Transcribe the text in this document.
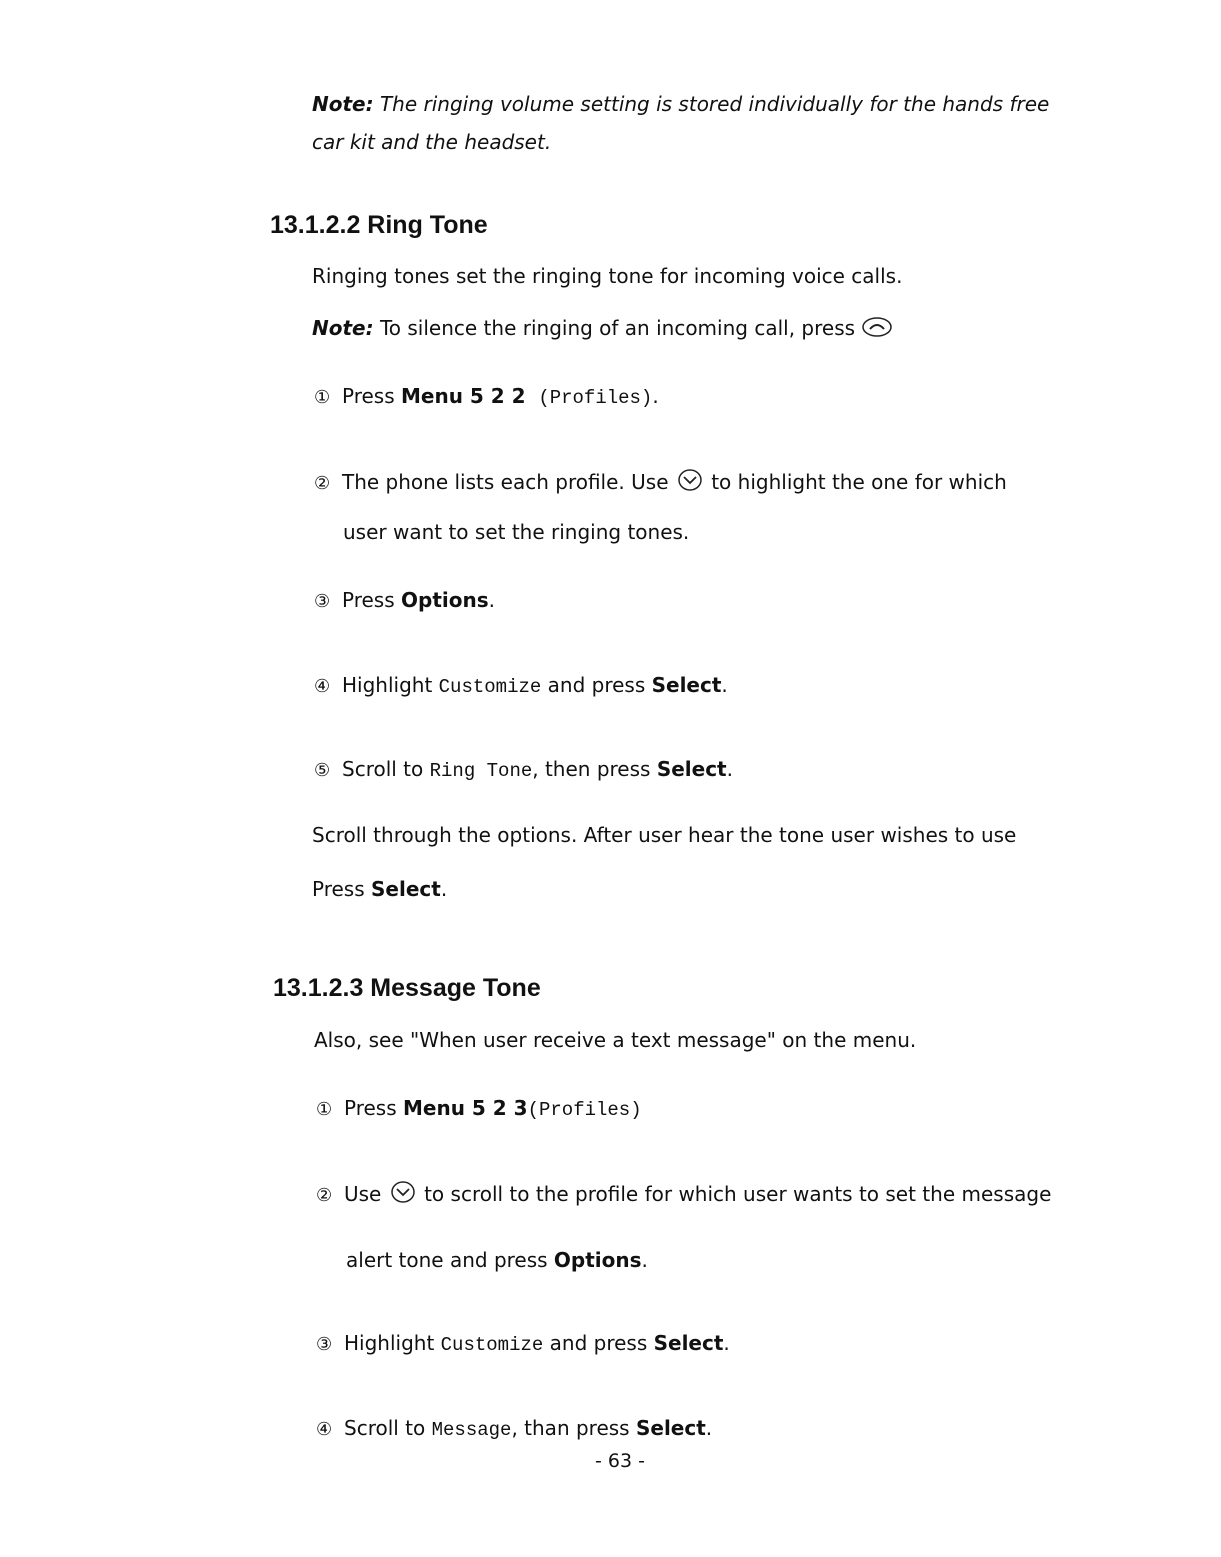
Note: The ringing volume setting is stored individually for the hands free
car kit and the headset.
13.1.2.2 Ring Tone
Ringing tones set the ringing tone for incoming voice calls.
Note: To silence the ringing of an incoming call, press
① Press Menu 5 2 2 (Profiles).
② The phone lists each profile. Use to highlight the one for which
user want to set the ringing tones.
③ Press Options.
④ Highlight Customize and press Select.
⑤ Scroll to Ring Tone, then press Select.
Scroll through the options. After user hear the tone user wishes to use
Press Select.
13.1.2.3 Message Tone
Also, see "When user receive a text message" on the menu.
① Press Menu 5 2 3(Profiles)
② Use to scroll to the profile for which user wants to set the message
alert tone and press Options.
③ Highlight Customize and press Select.
④ Scroll to Message, than press Select.
- 63 -
